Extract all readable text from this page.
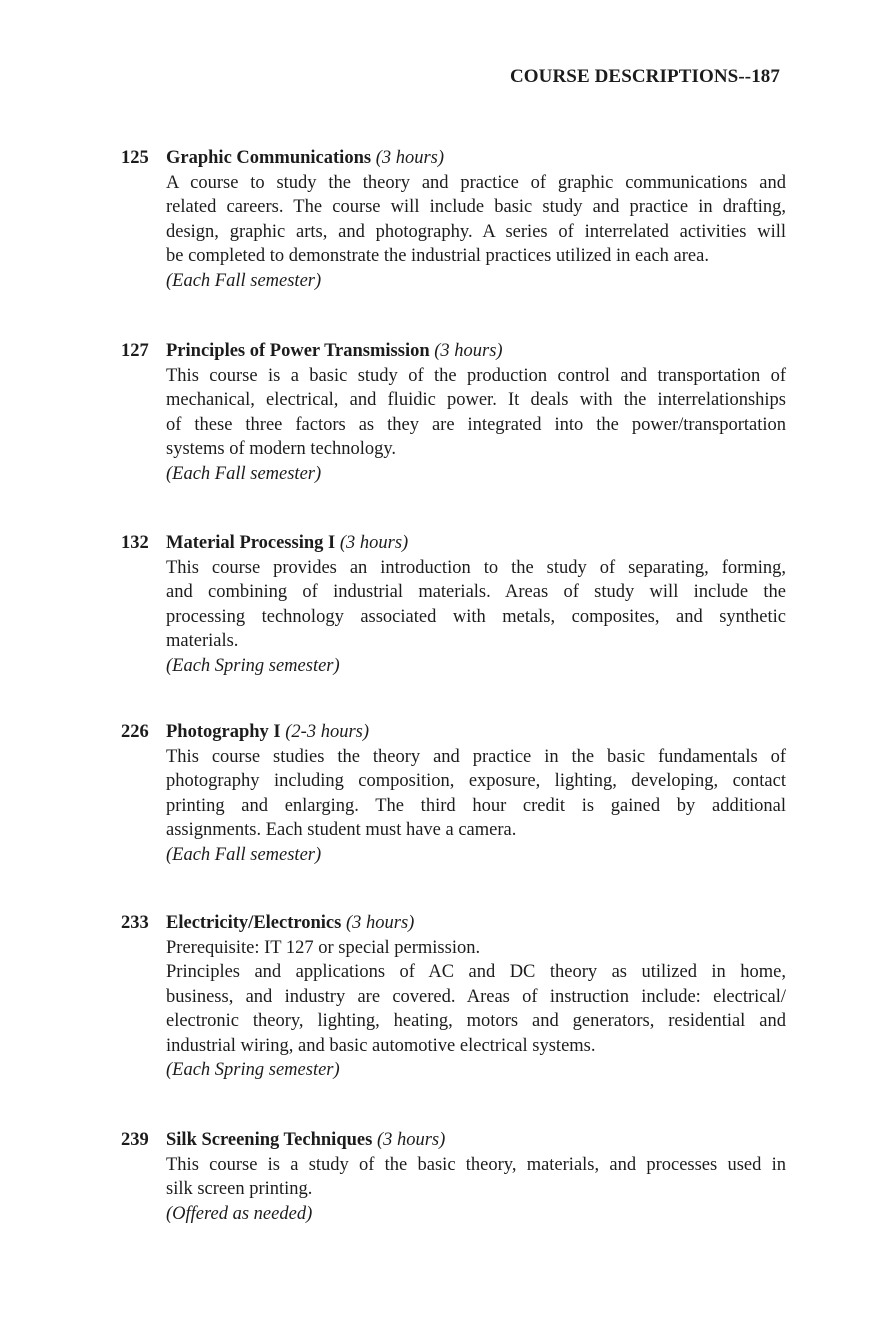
COURSE DESCRIPTIONS--187
125 Graphic Communications (3 hours)
A course to study the theory and practice of graphic communications and
related careers. The course will include basic study and practice in drafting,
design, graphic arts, and photography. A series of interrelated activities will
be completed to demonstrate the industrial practices utilized in each area.
(Each Fall semester)
127 Principles of Power Transmission (3 hours)
This course is a basic study of the production control and transportation of
mechanical, electrical, and fluidic power. It deals with the interrelationships
of these three factors as they are integrated into the power/transportation
systems of modern technology.
(Each Fall semester)
132 Material Processing I (3 hours)
This course provides an introduction to the study of separating, forming,
and combining of industrial materials. Areas of study will include the
processing technology associated with metals, composites, and synthetic
materials.
(Each Spring semester)
226 Photography I (2-3 hours)
This course studies the theory and practice in the basic fundamentals of
photography including composition, exposure, lighting, developing, contact
printing and enlarging. The third hour credit is gained by additional
assignments. Each student must have a camera.
(Each Fall semester)
233 Electricity/Electronics (3 hours)
Prerequisite: IT 127 or special permission.
Principles and applications of AC and DC theory as utilized in home,
business, and industry are covered. Areas of instruction include: electrical/
electronic theory, lighting, heating, motors and generators, residential and
industrial wiring, and basic automotive electrical systems.
(Each Spring semester)
239 Silk Screening Techniques (3 hours)
This course is a study of the basic theory, materials, and processes used in
silk screen printing.
(Offered as needed)
